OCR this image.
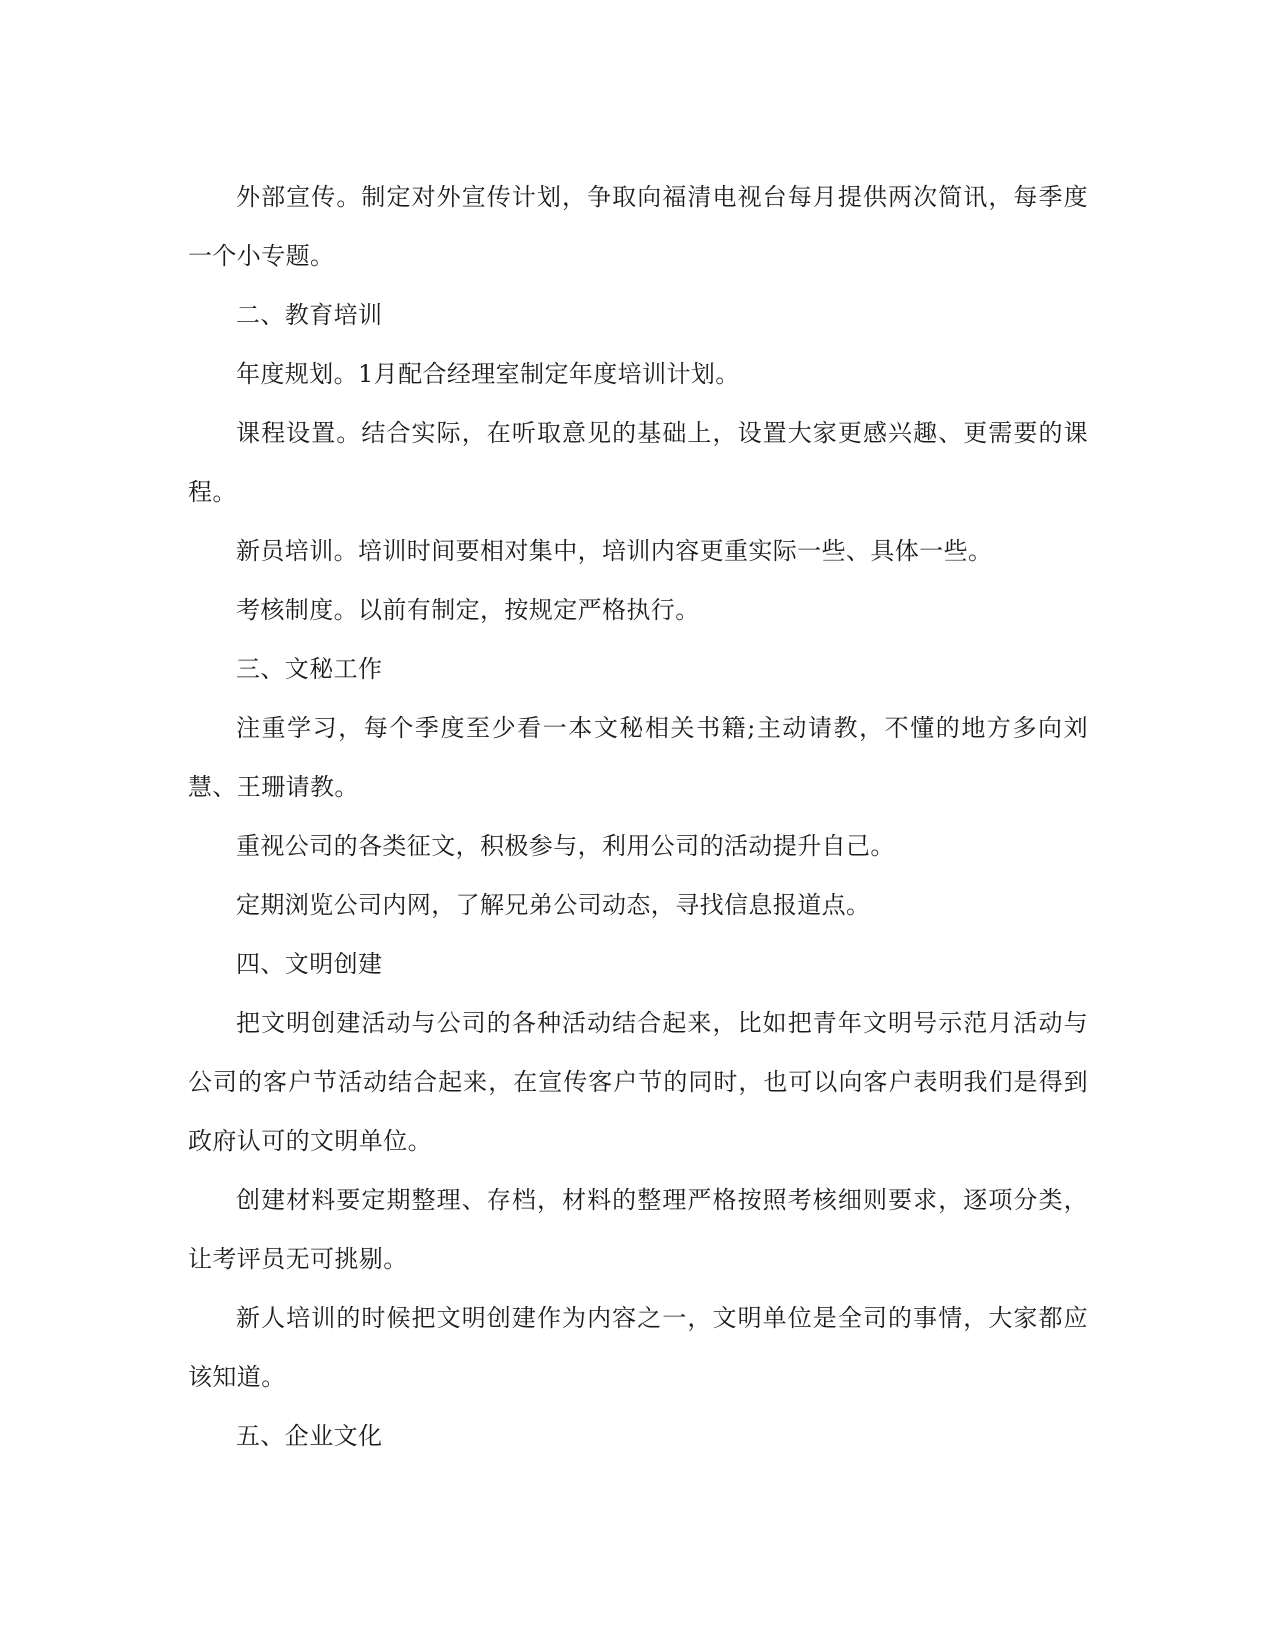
外部宣传。制定对外宣传计划，争取向福清电视台每月提供两次简讯，每季度一个小专题。

二、教育培训

年度规划。1月配合经理室制定年度培训计划。

课程设置。结合实际，在听取意见的基础上，设置大家更感兴趣、更需要的课程。

新员培训。培训时间要相对集中，培训内容更重实际一些、具体一些。

考核制度。以前有制定，按规定严格执行。

三、文秘工作

注重学习，每个季度至少看一本文秘相关书籍;主动请教，不懂的地方多向刘慧、王珊请教。

重视公司的各类征文，积极参与，利用公司的活动提升自己。

定期浏览公司内网，了解兄弟公司动态，寻找信息报道点。

四、文明创建

把文明创建活动与公司的各种活动结合起来，比如把青年文明号示范月活动与公司的客户节活动结合起来，在宣传客户节的同时，也可以向客户表明我们是得到政府认可的文明单位。

创建材料要定期整理、存档，材料的整理严格按照考核细则要求，逐项分类，让考评员无可挑剔。

新人培训的时候把文明创建作为内容之一，文明单位是全司的事情，大家都应该知道。

五、企业文化
